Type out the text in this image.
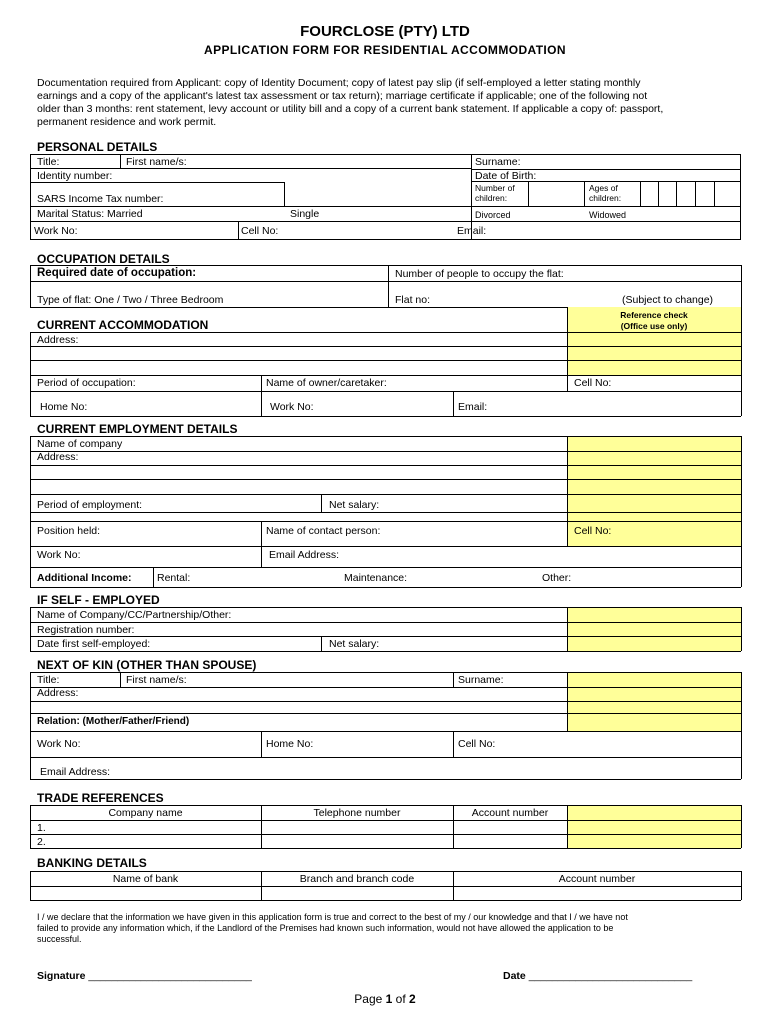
FOURCLOSE (PTY) LTD
APPLICATION FORM FOR RESIDENTIAL ACCOMMODATION
Documentation required from Applicant: copy of Identity Document; copy of latest pay slip (if self-employed a letter stating monthly
earnings and a copy of the applicant's latest tax assessment or tax return); marriage certificate if applicable; one of the following not
older than 3 months: rent statement, levy account or utility bill and a copy of a current bank statement. If applicable a copy of: passport,
permanent residence and work permit.
PERSONAL DETAILS
Title:	First name/s:	Surname:
Identity number:	Date of Birth:
SARS Income Tax number:
Number of children:
Ages of children:
Marital Status: Married	Single	Divorced	Widowed
Work No:	Cell No:	Email:
OCCUPATION DETAILS
Required date of occupation:	Number of people to occupy the flat:
Type of flat: One / Two / Three Bedroom	Flat no:	(Subject to change)
Reference check
(Office use only)
CURRENT ACCOMMODATION
Address:
Period of occupation:	Name of owner/caretaker:	Cell No:
Home No:	Work No:	Email:
CURRENT EMPLOYMENT DETAILS
Name of company
Address:
Period of employment:	Net salary:
Position held:	Name of contact person:	Cell No:
Work No:	Email Address:
Additional Income: Rental:	Maintenance:	Other:
IF SELF - EMPLOYED
Name of Company/CC/Partnership/Other:
Registration number:
Date first self-employed:	Net salary:
NEXT OF KIN (OTHER THAN SPOUSE)
Title:	First name/s:	Surname:
Address:
Relation: (Mother/Father/Friend)
Work No:	Home No:	Cell No:
Email Address:
TRADE REFERENCES
Company name	Telephone number	Account number
1.
2.
BANKING DETAILS
Name of bank	Branch and branch code	Account number
I / we declare that the information we have given in this application form is true and correct to the best of my / our knowledge and that I / we have not
failed to provide any information which, if the Landlord of the Premises had known such information, would not have allowed the application to be
successful.
Signature ____________________________	Date ____________________________
Page 1 of 2
